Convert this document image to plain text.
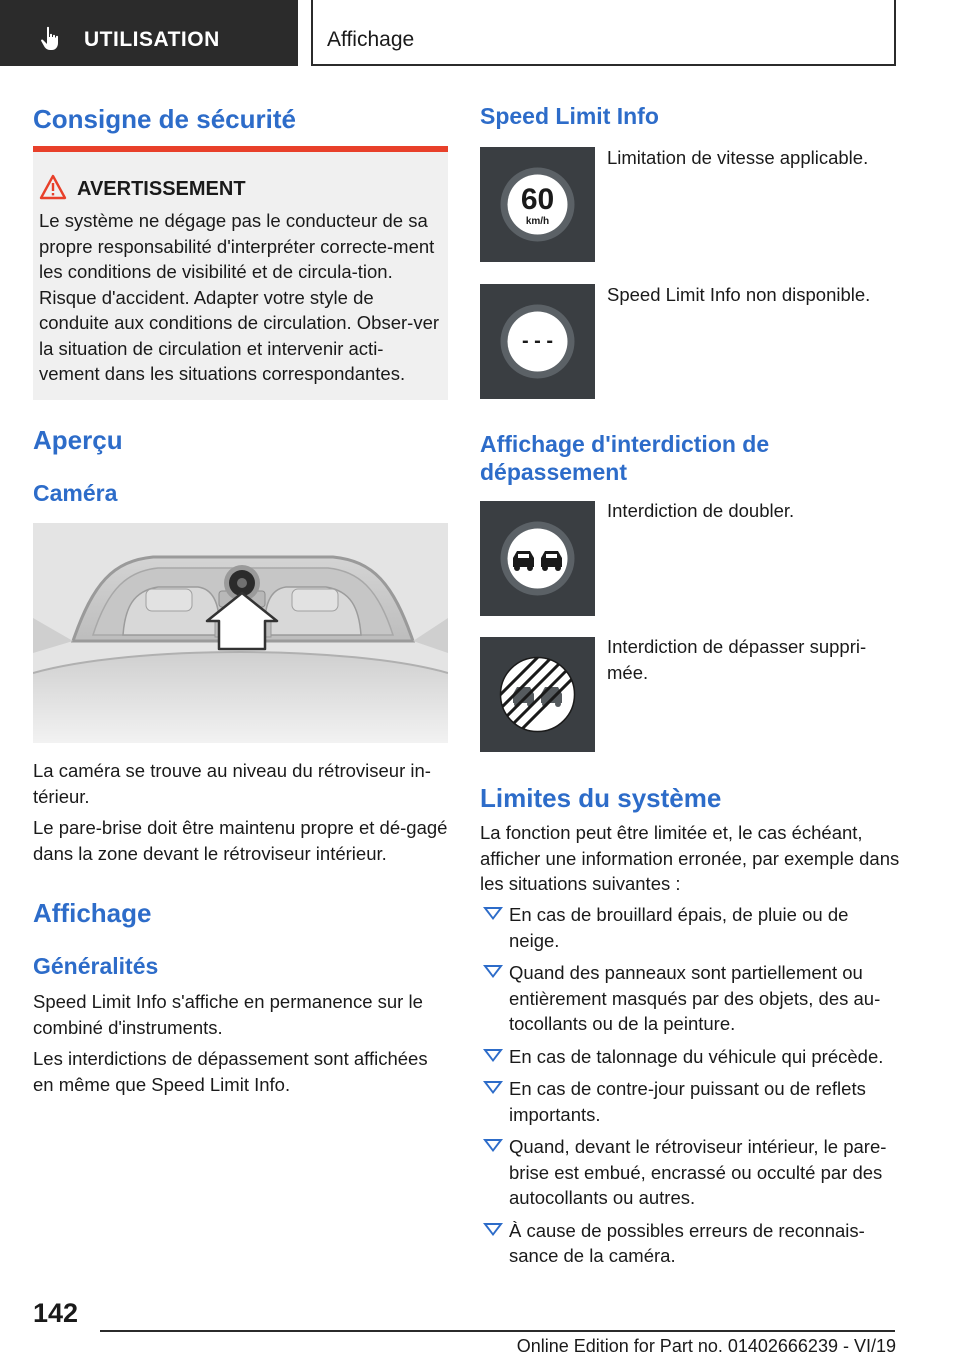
UTILISATION	Affichage
Consigne de sécurité
AVERTISSEMENT
Le système ne dégage pas le conducteur de sa propre responsabilité d'interpréter correcte-ment les conditions de visibilité et de circula-tion. Risque d'accident. Adapter votre style de conduite aux conditions de circulation. Obser-ver la situation de circulation et intervenir acti-vement dans les situations correspondantes.
Aperçu
Caméra

La caméra se trouve au niveau du rétroviseur in-térieur.

Le pare-brise doit être maintenu propre et dé-gagé dans la zone devant le rétroviseur intérieur.

Affichage
Généralités

Speed Limit Info s'affiche en permanence sur le combiné d'instruments.

Les interdictions de dépassement sont affichées en même que Speed Limit Info.

Speed Limit Info
60
km/h

Limitation de vitesse applicable.

- - -

Speed Limit Info non disponible.

Affichage d'interdiction de dépassement

Interdiction de doubler.

Interdiction de dépasser suppri-mée.

Limites du système

La fonction peut être limitée et, le cas échéant, afficher une information erronée, par exemple dans les situations suivantes :

En cas de brouillard épais, de pluie ou de neige.
Quand des panneaux sont partiellement ou entièrement masqués par des objets, des au-tocollants ou de la peinture.
En cas de talonnage du véhicule qui précède.
En cas de contre-jour puissant ou de reflets importants.
Quand, devant le rétroviseur intérieur, le pare-brise est embué, encrassé ou occulté par des autocollants ou autres.
À cause de possibles erreurs de reconnais-sance de la caméra.
142
Online Edition for Part no. 01402666239 - VI/19
